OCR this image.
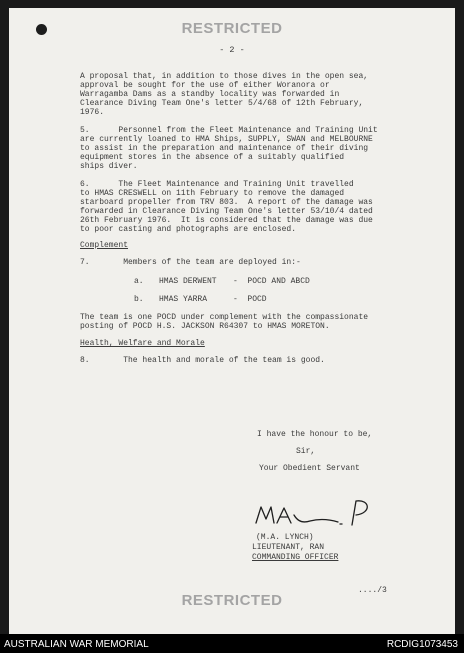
RESTRICTED
- 2 -
A proposal that, in addition to those dives in the open sea,
approval be sought for the use of either Woranora or
Warragamba Dams as a standby locality was forwarded in
Clearance Diving Team One's letter 5/4/68 of 12th February,
1976.
5.      Personnel from the Fleet Maintenance and Training Unit
are currently loaned to HMA Ships, SUPPLY, SWAN and MELBOURNE
to assist in the preparation and maintenance of their diving
equipment stores in the absence of a suitably qualified
ships diver.
6.      The Fleet Maintenance and Training Unit travelled
to HMAS CRESWELL on 11th February to remove the damaged
starboard propeller from TRV 803.  A report of the damage was
forwarded in Clearance Diving Team One's letter 53/10/4 dated
26th February 1976.  It is considered that the damage was due
to poor casting and photographs are enclosed.
Complement
7.       Members of the team are deployed in:-
a. HMAS DERWENT -  POCD AND ABCD
b. HMAS YARRA	-  POCD
The team is one POCD under complement with the compassionate
posting of POCD H.S. JACKSON R64307 to HMAS MORETON.
Health, Welfare and Morale
8.       The health and morale of the team is good.
I have the honour to be,
Sir,
Your Obedient Servant
(M.A. LYNCH)
LIEUTENANT, RAN
COMMANDING OFFICER
..../3
RESTRICTED
AUSTRALIAN WAR MEMORIAL	RCDIG1073453
